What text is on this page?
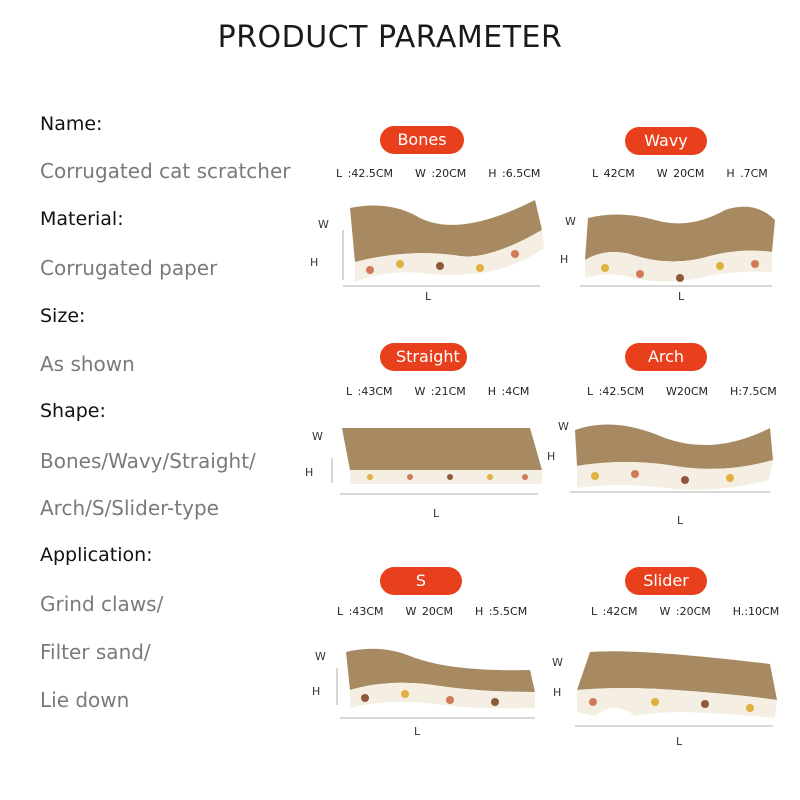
PRODUCT PARAMETER
Name:
Corrugated cat scratcher
Material:
Corrugated paper
Size:
As shown
Shape:
Bones/Wavy/Straight/
Arch/S/Slider-type
Application:
Grind claws/
Filter sand/
Lie down
Bones	Wavy
Straight	Arch
S	Slider
L :42.5CM W :20CM H :6.5CM	L 42CM W 20CM H .7CM
L :43CM W :21CM H :4CM	L :42.5CM W20CM H:7.5CM
L :43CM W 20CM H :5.5CM	L :42CM W :20CM H.:10CM
W
H
L
W
H
L
W
H
L
W
H
L
W
H
L
W
H
L
